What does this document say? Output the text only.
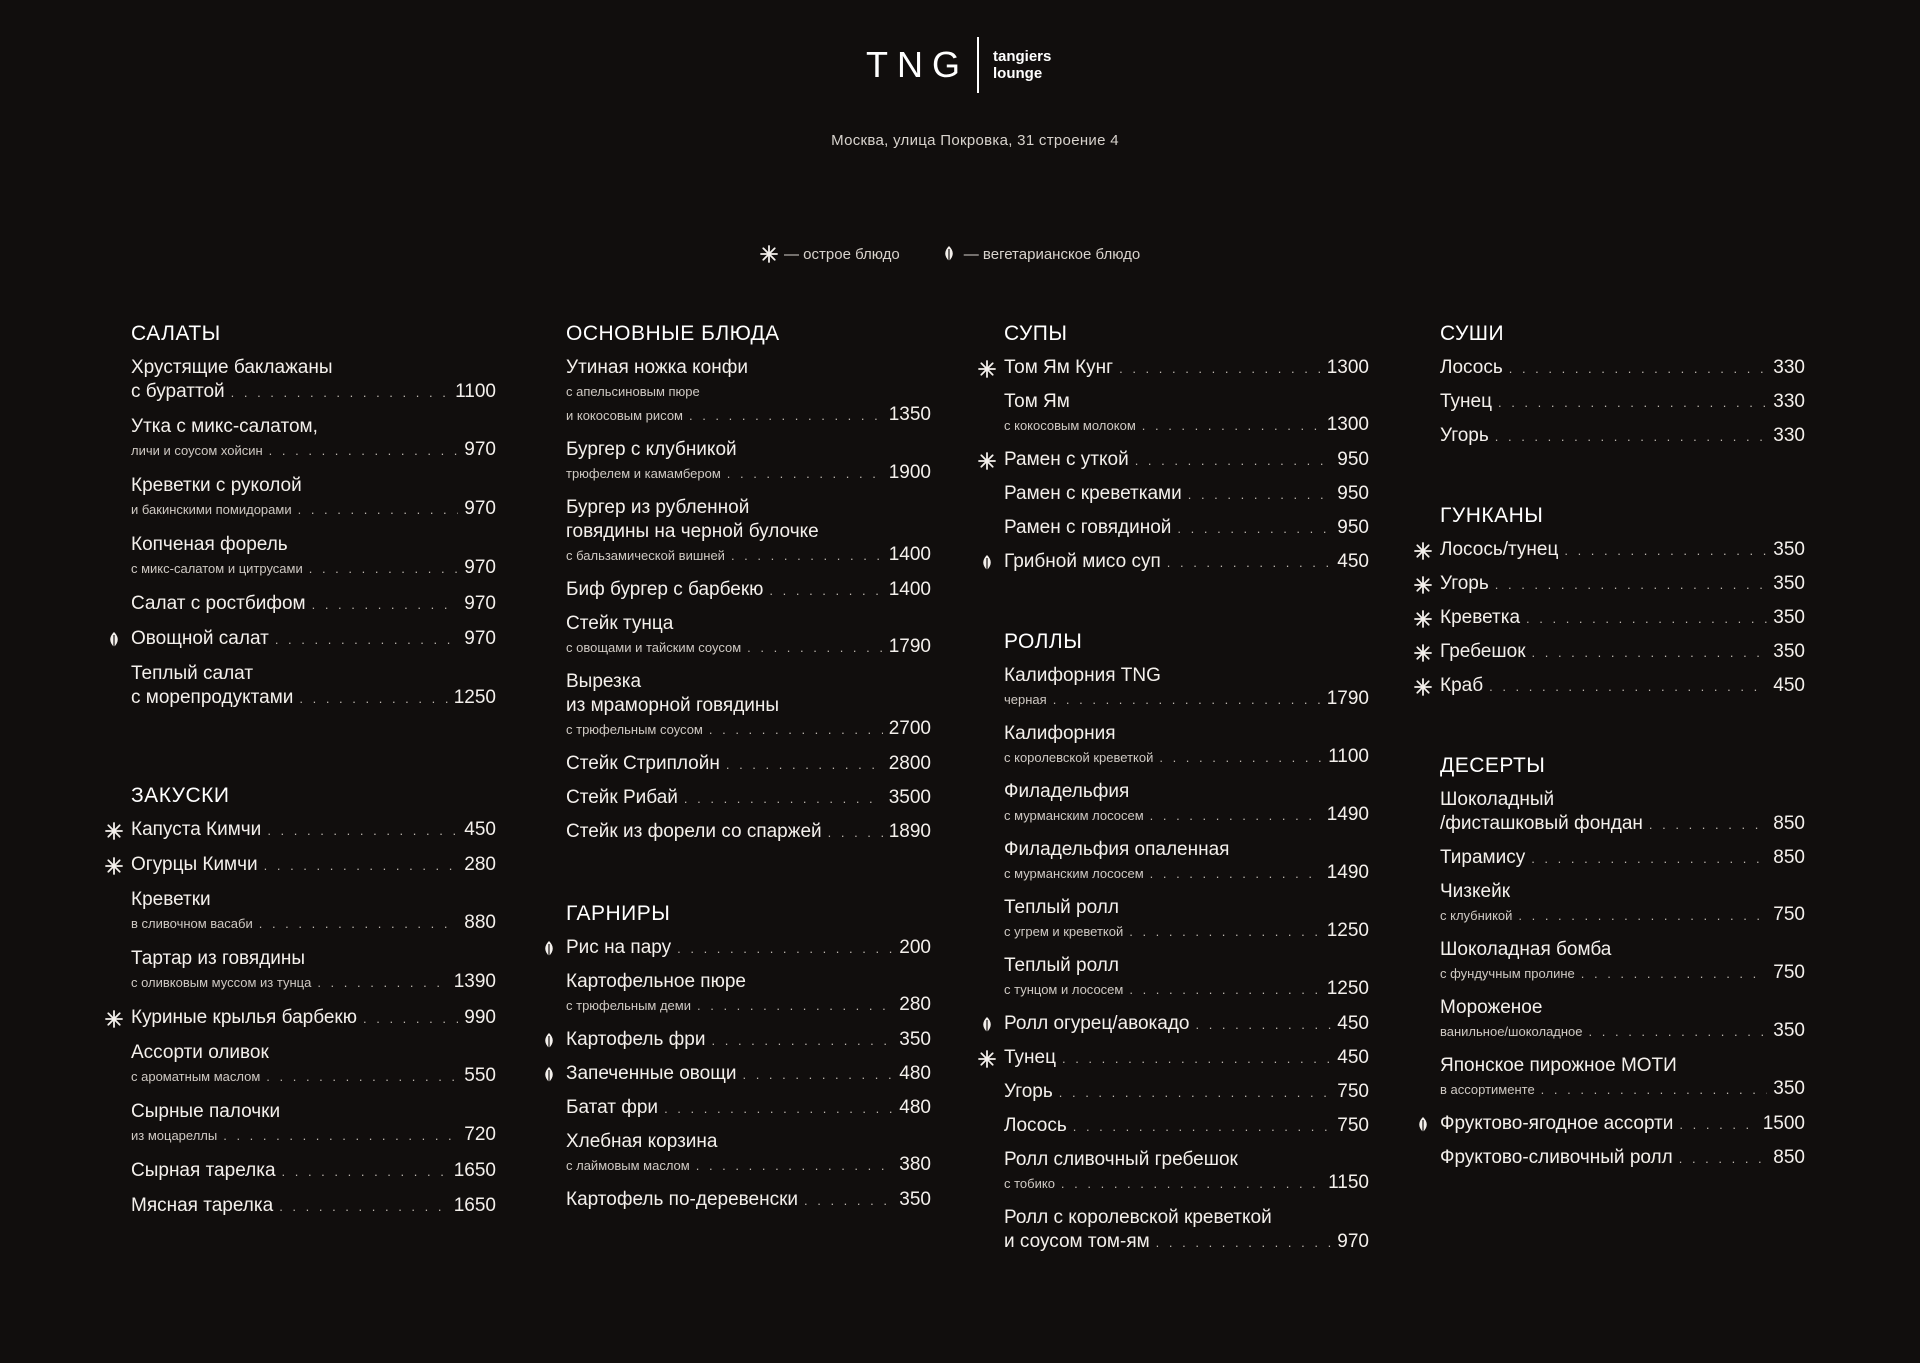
TNG tangiers
lounge
Москва, улица Покровка, 31 строение 4
— острое блюдо	— вегетарианское блюдо
САЛАТЫ
Хрустящие баклажаны
с бураттой . . .	1100
Утка с микс-салатом,
личи и соусом хойсин . . .	970
Креветки с руколой
и бакинскими помидорами . . .	970
Копченая форель
с микс-салатом и цитрусами . . .	970
Салат с ростбифом . . .	970
Овощной салат . . .	970
Теплый салат
с морепродуктами . . .	1250
ЗАКУСКИ
Капуста Кимчи . . .	450
Огурцы Кимчи . . .	280
Креветки
в сливочном васаби . . .	880
Тартар из говядины
с оливковым муссом из тунца . . .	1390
Куриные крылья барбекю . . .	990
Ассорти оливок
с ароматным маслом . . .	550
Сырные палочки
из моцареллы . . .	720
Сырная тарелка . . .	1650
Мясная тарелка . . .	1650
ОСНОВНЫЕ БЛЮДА
Утиная ножка конфи
с апельсиновым пюре
и кокосовым рисом . . .	1350
Бургер с клубникой
трюфелем и камамбером . . .	1900
Бургер из рубленной
говядины на черной булочке
с бальзамической вишней . . .	1400
Биф бургер с барбекю . . .	1400
Стейк тунца
с овощами и тайским соусом . . .	1790
Вырезка
из мраморной говядины
с трюфельным соусом . . .	2700
Стейк Стриплойн . . .	2800
Стейк Рибай . . .	3500
Стейк из форели со спаржей . . .	1890
ГАРНИРЫ
Рис на пару . . .	200
Картофельное пюре
с трюфельным деми . . .	280
Картофель фри . . .	350
Запеченные овощи . . .	480
Батат фри . . .	480
Хлебная корзина
с лаймовым маслом . . .	380
Картофель по-деревенски . . .	350
СУПЫ
Том Ям Кунг . . .	1300
Том Ям
с кокосовым молоком . . .	1300
Рамен с уткой . . .	950
Рамен с креветками . . .	950
Рамен с говядиной . . .	950
Грибной мисо суп . . .	450
РОЛЛЫ
Калифорния TNG
черная . . .	1790
Калифорния
с королевской креветкой . . .	1100
Филадельфия
с мурманским лососем . . .	1490
Филадельфия опаленная
с мурманским лососем . . .	1490
Теплый ролл
с угрем и креветкой . . .	1250
Теплый ролл
с тунцом и лососем . . .	1250
Ролл огурец/авокадо . . .	450
Тунец . . .	450
Угорь . . .	750
Лосось . . .	750
Ролл сливочный гребешок
с тобико . . .	1150
Ролл с королевской креветкой
и соусом том-ям . . .	970
СУШИ
Лосось . . .	330
Тунец . . .	330
Угорь . . .	330
ГУНКАНЫ
Лосось/тунец . . .	350
Угорь . . .	350
Креветка . . .	350
Гребешок . . .	350
Краб . . .	450
ДЕСЕРТЫ
Шоколадный
/фисташковый фондан . . .	850
Тирамису . . .	850
Чизкейк
с клубникой . . .	750
Шоколадная бомба
с фундучным пролине . . .	750
Мороженое
ванильное/шоколадное . . .	350
Японское пирожное МОТИ
в ассортименте . . .	350
Фруктово-ягодное ассорти . . .	1500
Фруктово-сливочный ролл . . .	850
